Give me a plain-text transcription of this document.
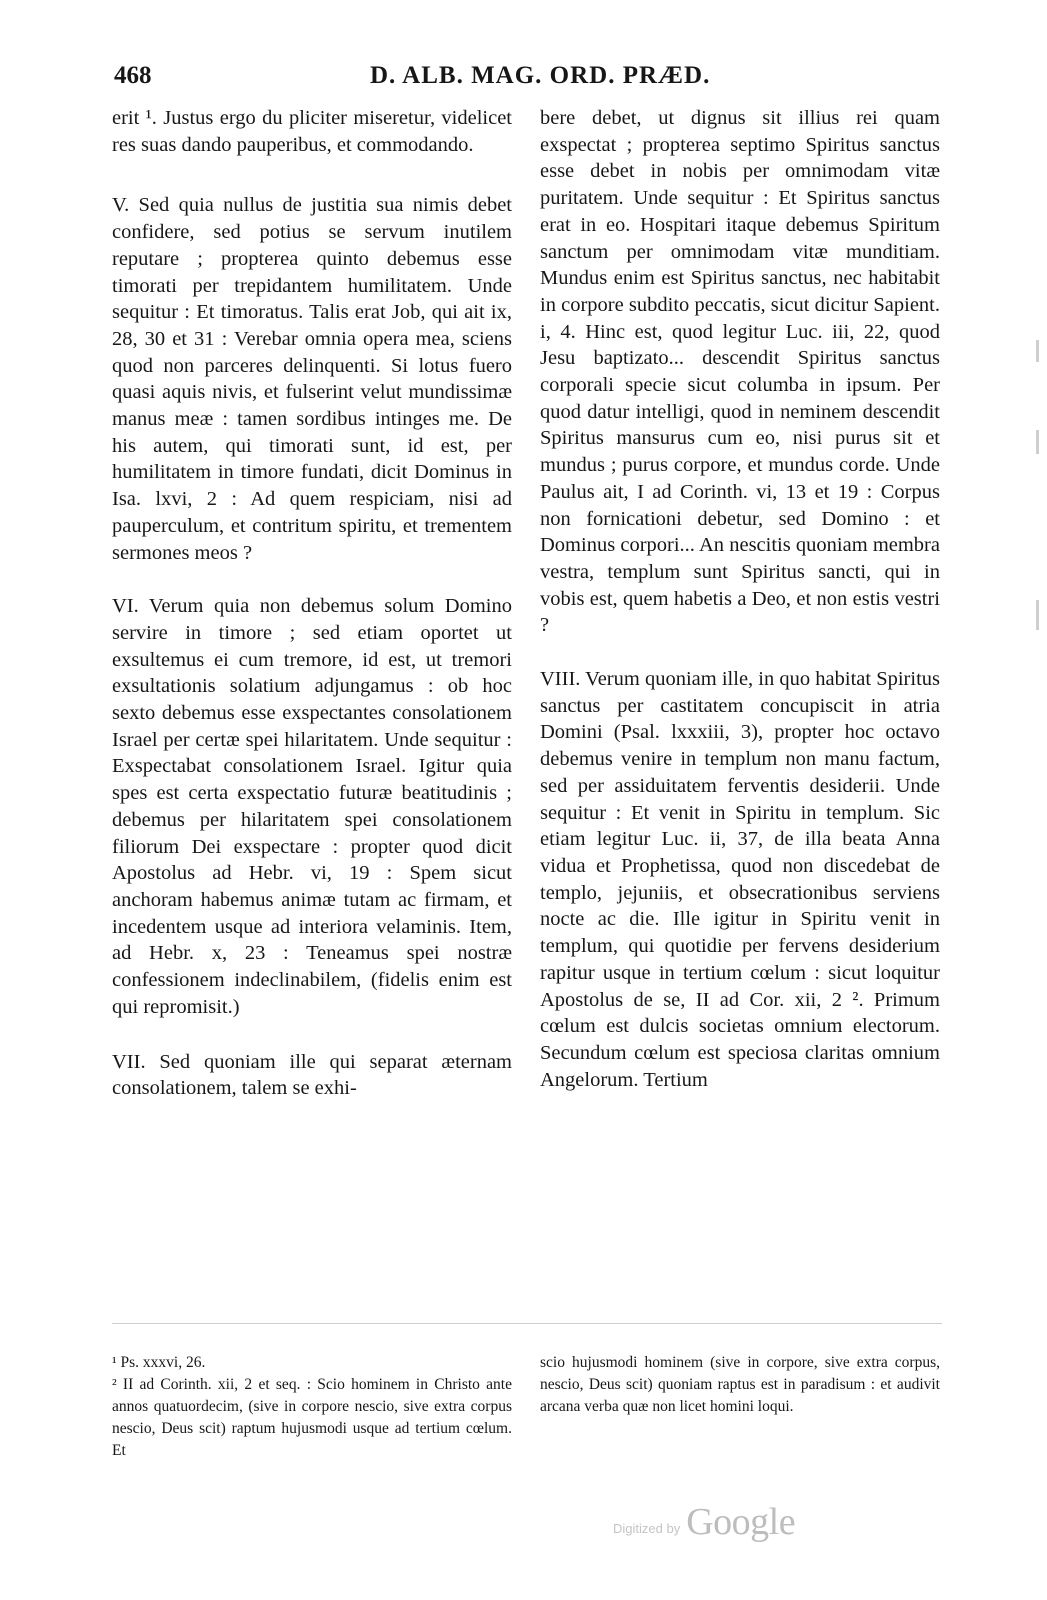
468	D. ALB. MAG. ORD. PRÆD.

erit ¹. Justus ergo du pliciter miseretur, videlicet res suas dando pauperibus, et commodando.

V. Sed quia nullus de justitia sua nimis debet confidere, sed potius se servum inutilem reputare ; propterea quinto debemus esse timorati per trepidantem humilitatem. Unde sequitur : Et timoratus. Talis erat Job, qui ait ix, 28, 30 et 31 : Verebar omnia opera mea, sciens quod non parceres delinquenti. Si lotus fuero quasi aquis nivis, et fulserint velut mundissimæ manus meæ : tamen sordibus intinges me. De his autem, qui timorati sunt, id est, per humilitatem in timore fundati, dicit Dominus in Isa. lxvi, 2 : Ad quem respiciam, nisi ad pauperculum, et contritum spiritu, et trementem sermones meos ?

VI. Verum quia non debemus solum Domino servire in timore ; sed etiam oportet ut exsultemus ei cum tremore, id est, ut tremori exsultationis solatium adjungamus : ob hoc sexto debemus esse exspectantes consolationem Israel per certæ spei hilaritatem. Unde sequitur : Exspectabat consolationem Israel. Igitur quia spes est certa exspectatio futuræ beatitudinis ; debemus per hilaritatem spei consolationem filiorum Dei exspectare : propter quod dicit Apostolus ad Hebr. vi, 19 : Spem sicut anchoram habemus animæ tutam ac firmam, et incedentem usque ad interiora velaminis. Item, ad Hebr. x, 23 : Teneamus spei nostræ confessionem indeclinabilem, (fidelis enim est qui repromisit.)

VII. Sed quoniam ille qui separat æternam consolationem, talem se exhi-

bere debet, ut dignus sit illius rei quam exspectat ; propterea septimo Spiritus sanctus esse debet in nobis per omnimodam vitæ puritatem. Unde sequitur : Et Spiritus sanctus erat in eo. Hospitari itaque debemus Spiritum sanctum per omnimodam vitæ munditiam. Mundus enim est Spiritus sanctus, nec habitabit in corpore subdito peccatis, sicut dicitur Sapient. i, 4. Hinc est, quod legitur Luc. iii, 22, quod Jesu baptizato... descendit Spiritus sanctus corporali specie sicut columba in ipsum. Per quod datur intelligi, quod in neminem descendit Spiritus mansurus cum eo, nisi purus sit et mundus ; purus corpore, et mundus corde. Unde Paulus ait, I ad Corinth. vi, 13 et 19 : Corpus non fornicationi debetur, sed Domino : et Dominus corpori... An nescitis quoniam membra vestra, templum sunt Spiritus sancti, qui in vobis est, quem habetis a Deo, et non estis vestri ?

VIII. Verum quoniam ille, in quo habitat Spiritus sanctus per castitatem concupiscit in atria Domini (Psal. lxxxiii, 3), propter hoc octavo debemus venire in templum non manu factum, sed per assiduitatem ferventis desiderii. Unde sequitur : Et venit in Spiritu in templum. Sic etiam legitur Luc. ii, 37, de illa beata Anna vidua et Prophetissa, quod non discedebat de templo, jejuniis, et obsecrationibus serviens nocte ac die. Ille igitur in Spiritu venit in templum, qui quotidie per fervens desiderium rapitur usque in tertium cœlum : sicut loquitur Apostolus de se, II ad Cor. xii, 2 ². Primum cœlum est dulcis societas omnium electorum. Secundum cœlum est speciosa claritas omnium Angelorum. Tertium

¹ Ps. xxxvi, 26.

² II ad Corinth. xii, 2 et seq. : Scio hominem in Christo ante annos quatuordecim, (sive in corpore nescio, sive extra corpus nescio, Deus scit) raptum hujusmodi usque ad tertium cœlum. Et

scio hujusmodi hominem (sive in corpore, sive extra corpus, nescio, Deus scit) quoniam raptus est in paradisum : et audivit arcana verba quæ non licet homini loqui.

Digitized by Google
